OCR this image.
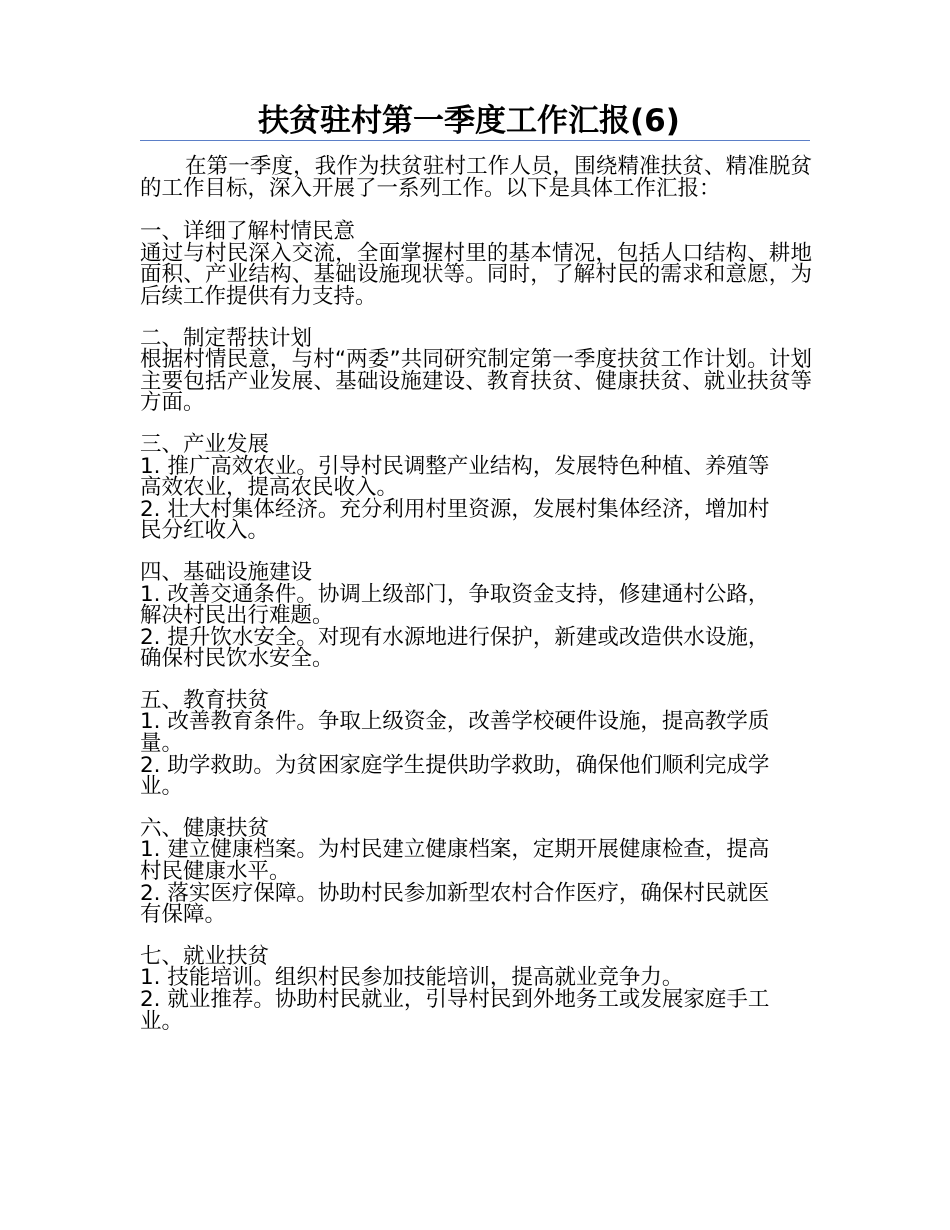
扶贫驻村第一季度工作汇报(6)

在第一季度，我作为扶贫驻村工作人员，围绕精准扶贫、精准脱贫的工作目标，深入开展了一系列工作。以下是具体工作汇报：

一、详细了解村情民意

通过与村民深入交流，全面掌握村里的基本情况，包括人口结构、耕地面积、产业结构、基础设施现状等。同时，了解村民的需求和意愿，为后续工作提供有力支持。

二、制定帮扶计划

根据村情民意，与村“两委”共同研究制定第一季度扶贫工作计划。计划主要包括产业发展、基础设施建设、教育扶贫、健康扶贫、就业扶贫等方面。

三、产业发展

1. 推广高效农业。引导村民调整产业结构，发展特色种植、养殖等高效农业，提高农民收入。

2. 壮大村集体经济。充分利用村里资源，发展村集体经济，增加村民分红收入。

四、基础设施建设

1. 改善交通条件。协调上级部门，争取资金支持，修建通村公路，解决村民出行难题。

2. 提升饮水安全。对现有水源地进行保护，新建或改造供水设施，确保村民饮水安全。

五、教育扶贫

1. 改善教育条件。争取上级资金，改善学校硬件设施，提高教学质量。

2. 助学救助。为贫困家庭学生提供助学救助，确保他们顺利完成学业。

六、健康扶贫

1. 建立健康档案。为村民建立健康档案，定期开展健康检查，提高村民健康水平。

2. 落实医疗保障。协助村民参加新型农村合作医疗，确保村民就医有保障。

七、就业扶贫

1. 技能培训。组织村民参加技能培训，提高就业竞争力。

2. 就业推荐。协助村民就业，引导村民到外地务工或发展家庭手工业。
